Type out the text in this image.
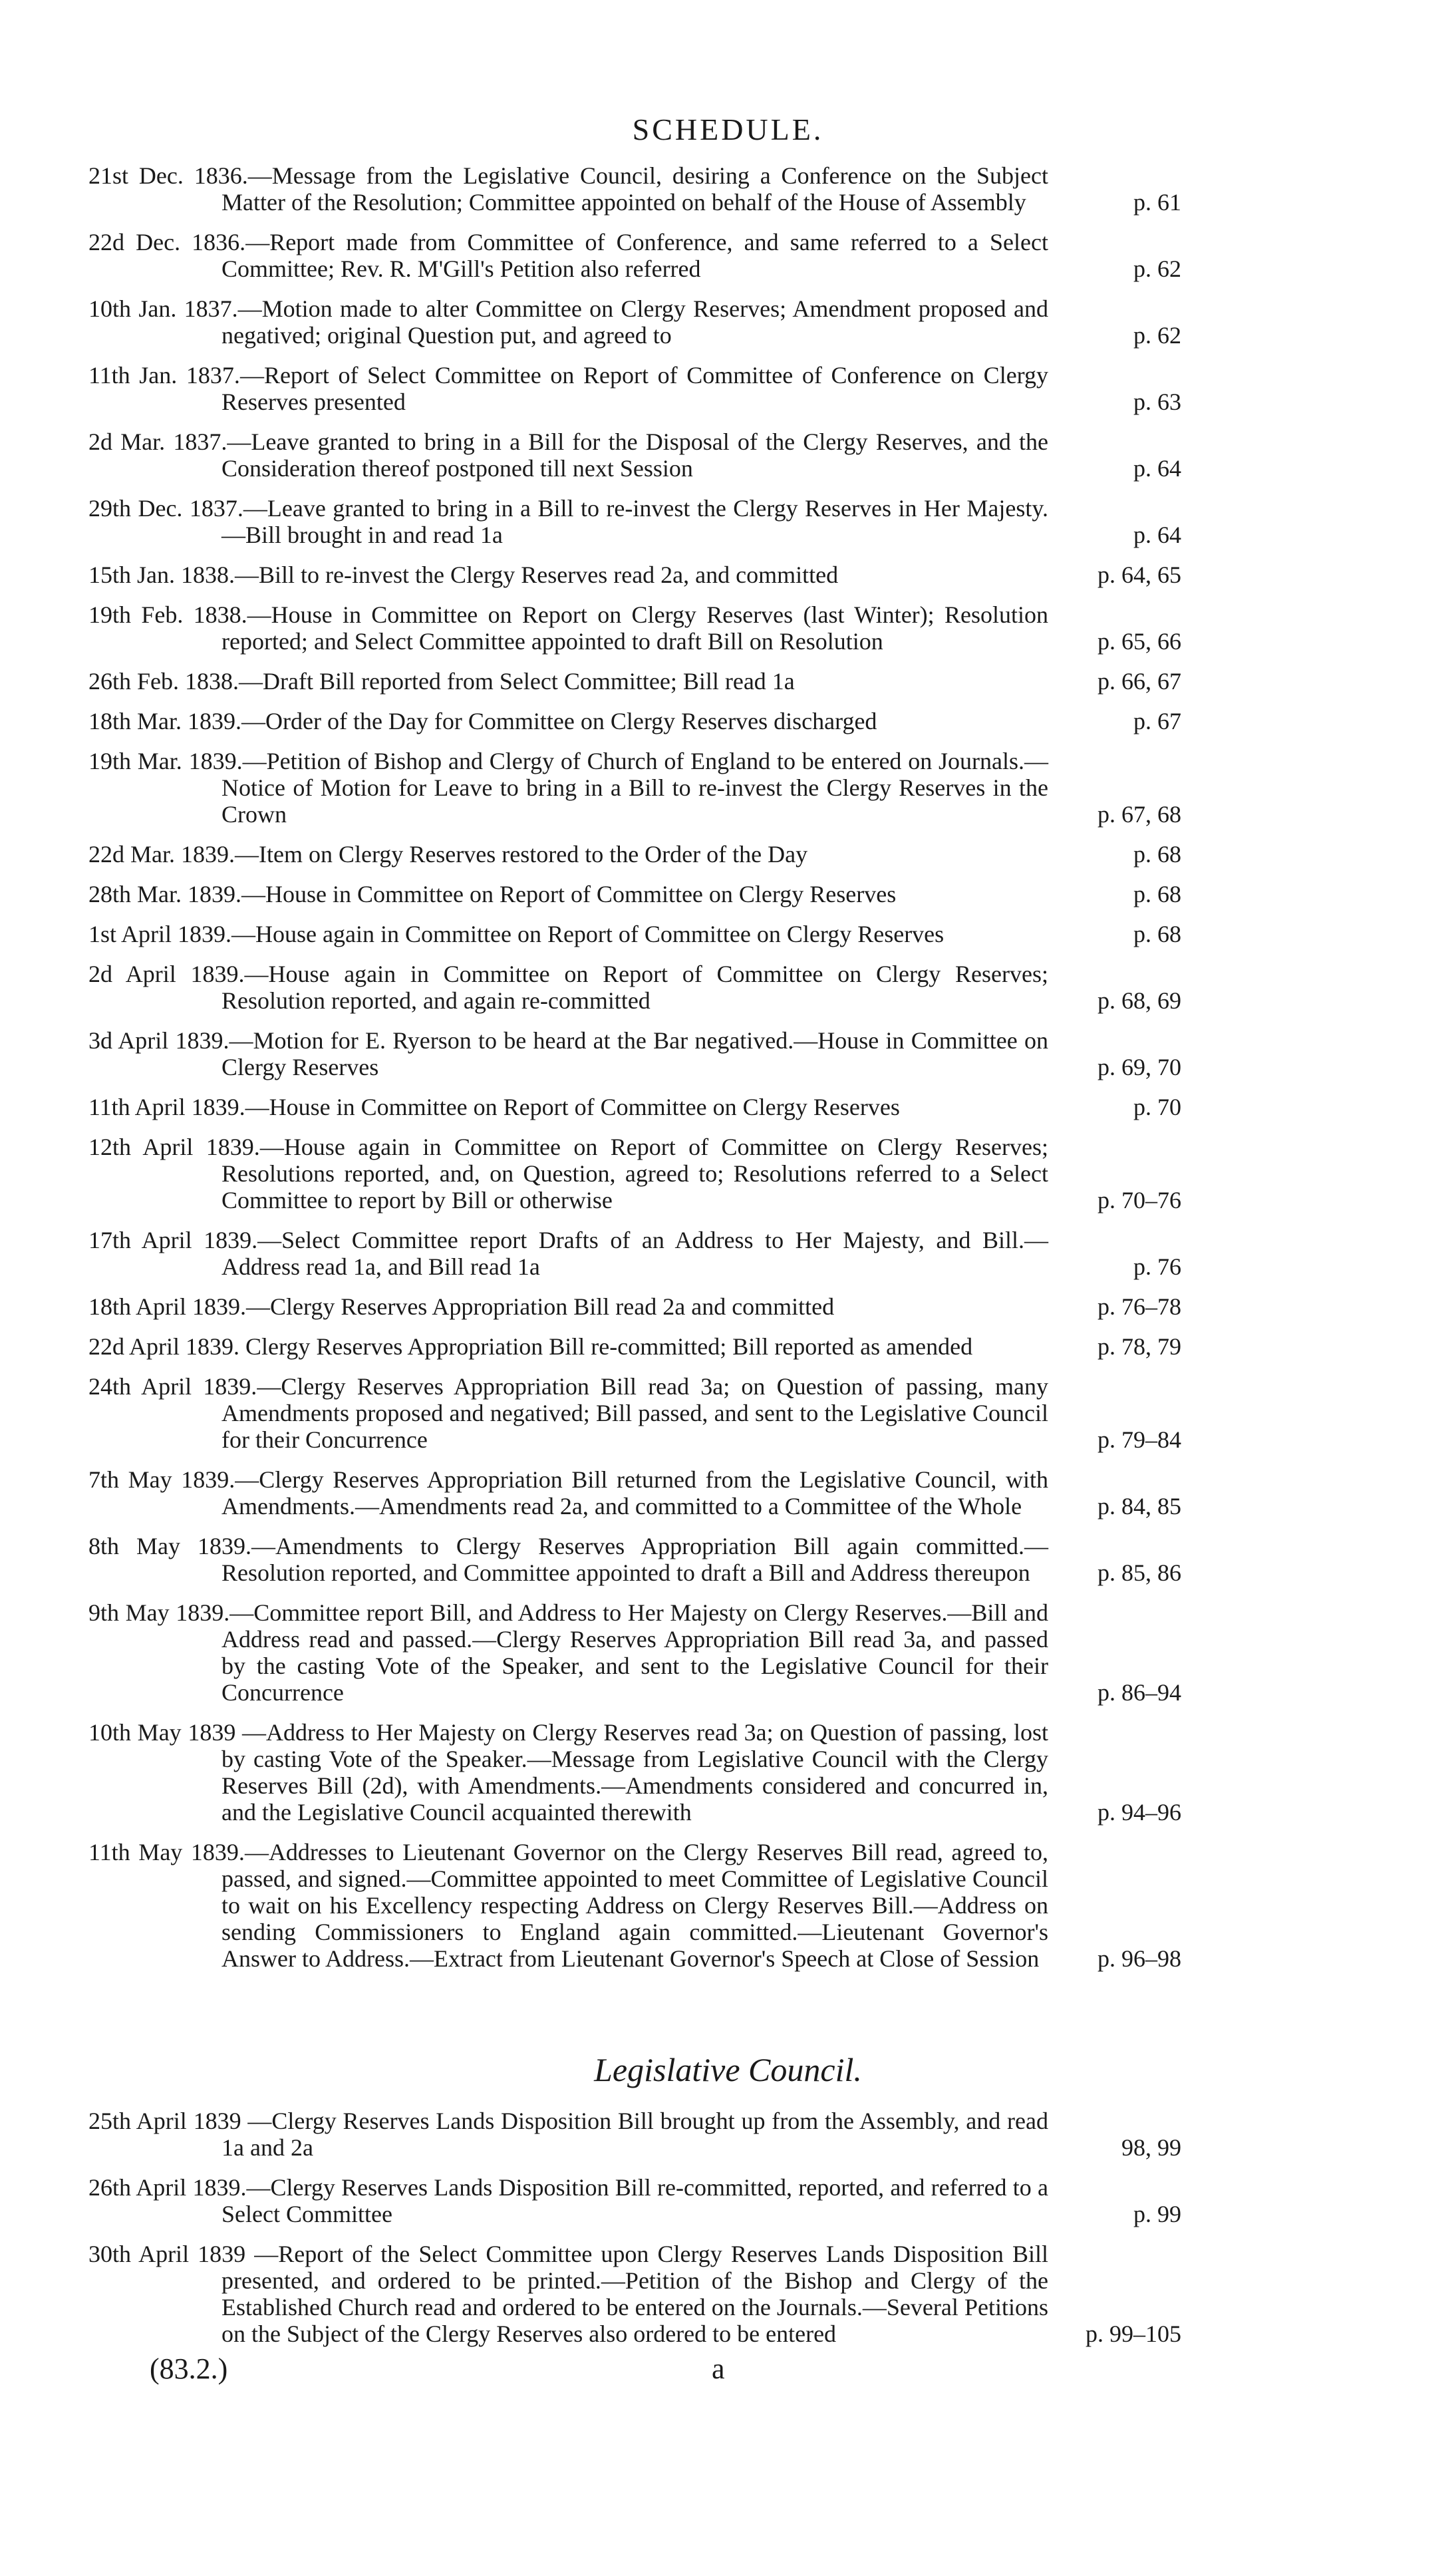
SCHEDULE.
21st Dec. 1836.—Message from the Legislative Council, desiring a Conference on the Subject Matter of the Resolution; Committee appointed on behalf of the House of Assembly	p. 61
22d Dec. 1836.—Report made from Committee of Conference, and same referred to a Select Committee; Rev. R. M'Gill's Petition also referred	p. 62
10th Jan. 1837.—Motion made to alter Committee on Clergy Reserves; Amendment proposed and negatived; original Question put, and agreed to	p. 62
11th Jan. 1837.—Report of Select Committee on Report of Committee of Conference on Clergy Reserves presented	p. 63
2d Mar. 1837.—Leave granted to bring in a Bill for the Disposal of the Clergy Reserves, and the Consideration thereof postponed till next Session	p. 64
29th Dec. 1837.—Leave granted to bring in a Bill to re-invest the Clergy Reserves in Her Majesty.—Bill brought in and read 1a	p. 64
15th Jan. 1838.—Bill to re-invest the Clergy Reserves read 2a, and committed	p. 64, 65
19th Feb. 1838.—House in Committee on Report on Clergy Reserves (last Winter); Resolution reported; and Select Committee appointed to draft Bill on Resolution	p. 65, 66
26th Feb. 1838.—Draft Bill reported from Select Committee; Bill read 1a	p. 66, 67
18th Mar. 1839.—Order of the Day for Committee on Clergy Reserves discharged	p. 67
19th Mar. 1839.—Petition of Bishop and Clergy of Church of England to be entered on Journals.—Notice of Motion for Leave to bring in a Bill to re-invest the Clergy Reserves in the Crown	p. 67, 68
22d Mar. 1839.—Item on Clergy Reserves restored to the Order of the Day	p. 68
28th Mar. 1839.—House in Committee on Report of Committee on Clergy Reserves	p. 68
1st April 1839.—House again in Committee on Report of Committee on Clergy Reserves	p. 68
2d April 1839.—House again in Committee on Report of Committee on Clergy Reserves; Resolution reported, and again re-committed	p. 68, 69
3d April 1839.—Motion for E. Ryerson to be heard at the Bar negatived.—House in Committee on Clergy Reserves	p. 69, 70
11th April 1839.—House in Committee on Report of Committee on Clergy Reserves	p. 70
12th April 1839.—House again in Committee on Report of Committee on Clergy Reserves; Resolutions reported, and, on Question, agreed to; Resolutions referred to a Select Committee to report by Bill or otherwise	p. 70–76
17th April 1839.—Select Committee report Drafts of an Address to Her Majesty, and Bill.—Address read 1a, and Bill read 1a	p. 76
18th April 1839.—Clergy Reserves Appropriation Bill read 2a and committed	p. 76–78
22d April 1839. Clergy Reserves Appropriation Bill re-committed; Bill reported as amended	p. 78, 79
24th April 1839.—Clergy Reserves Appropriation Bill read 3a; on Question of passing, many Amendments proposed and negatived; Bill passed, and sent to the Legislative Council for their Concurrence	p. 79–84
7th May 1839.—Clergy Reserves Appropriation Bill returned from the Legislative Council, with Amendments.—Amendments read 2a, and committed to a Committee of the Whole	p. 84, 85
8th May 1839.—Amendments to Clergy Reserves Appropriation Bill again committed.—Resolution reported, and Committee appointed to draft a Bill and Address thereupon	p. 85, 86
9th May 1839.—Committee report Bill, and Address to Her Majesty on Clergy Reserves.—Bill and Address read and passed.—Clergy Reserves Appropriation Bill read 3a, and passed by the casting Vote of the Speaker, and sent to the Legislative Council for their Concurrence	p. 86–94
10th May 1839 —Address to Her Majesty on Clergy Reserves read 3a; on Question of passing, lost by casting Vote of the Speaker.—Message from Legislative Council with the Clergy Reserves Bill (2d), with Amendments.—Amendments considered and concurred in, and the Legislative Council acquainted therewith	p. 94–96
11th May 1839.—Addresses to Lieutenant Governor on the Clergy Reserves Bill read, agreed to, passed, and signed.—Committee appointed to meet Committee of Legislative Council to wait on his Excellency respecting Address on Clergy Reserves Bill.—Address on sending Commissioners to England again committed.—Lieutenant Governor's Answer to Address.—Extract from Lieutenant Governor's Speech at Close of Session p. 96–98
Legislative Council.
25th April 1839 —Clergy Reserves Lands Disposition Bill brought up from the Assembly, and read 1a and 2a	98, 99
26th April 1839.—Clergy Reserves Lands Disposition Bill re-committed, reported, and referred to a Select Committee	p. 99
30th April 1839 —Report of the Select Committee upon Clergy Reserves Lands Disposition Bill presented, and ordered to be printed.—Petition of the Bishop and Clergy of the Established Church read and ordered to be entered on the Journals.—Several Petitions on the Subject of the Clergy Reserves also ordered to be entered	p. 99–105
(83.2.)	a
